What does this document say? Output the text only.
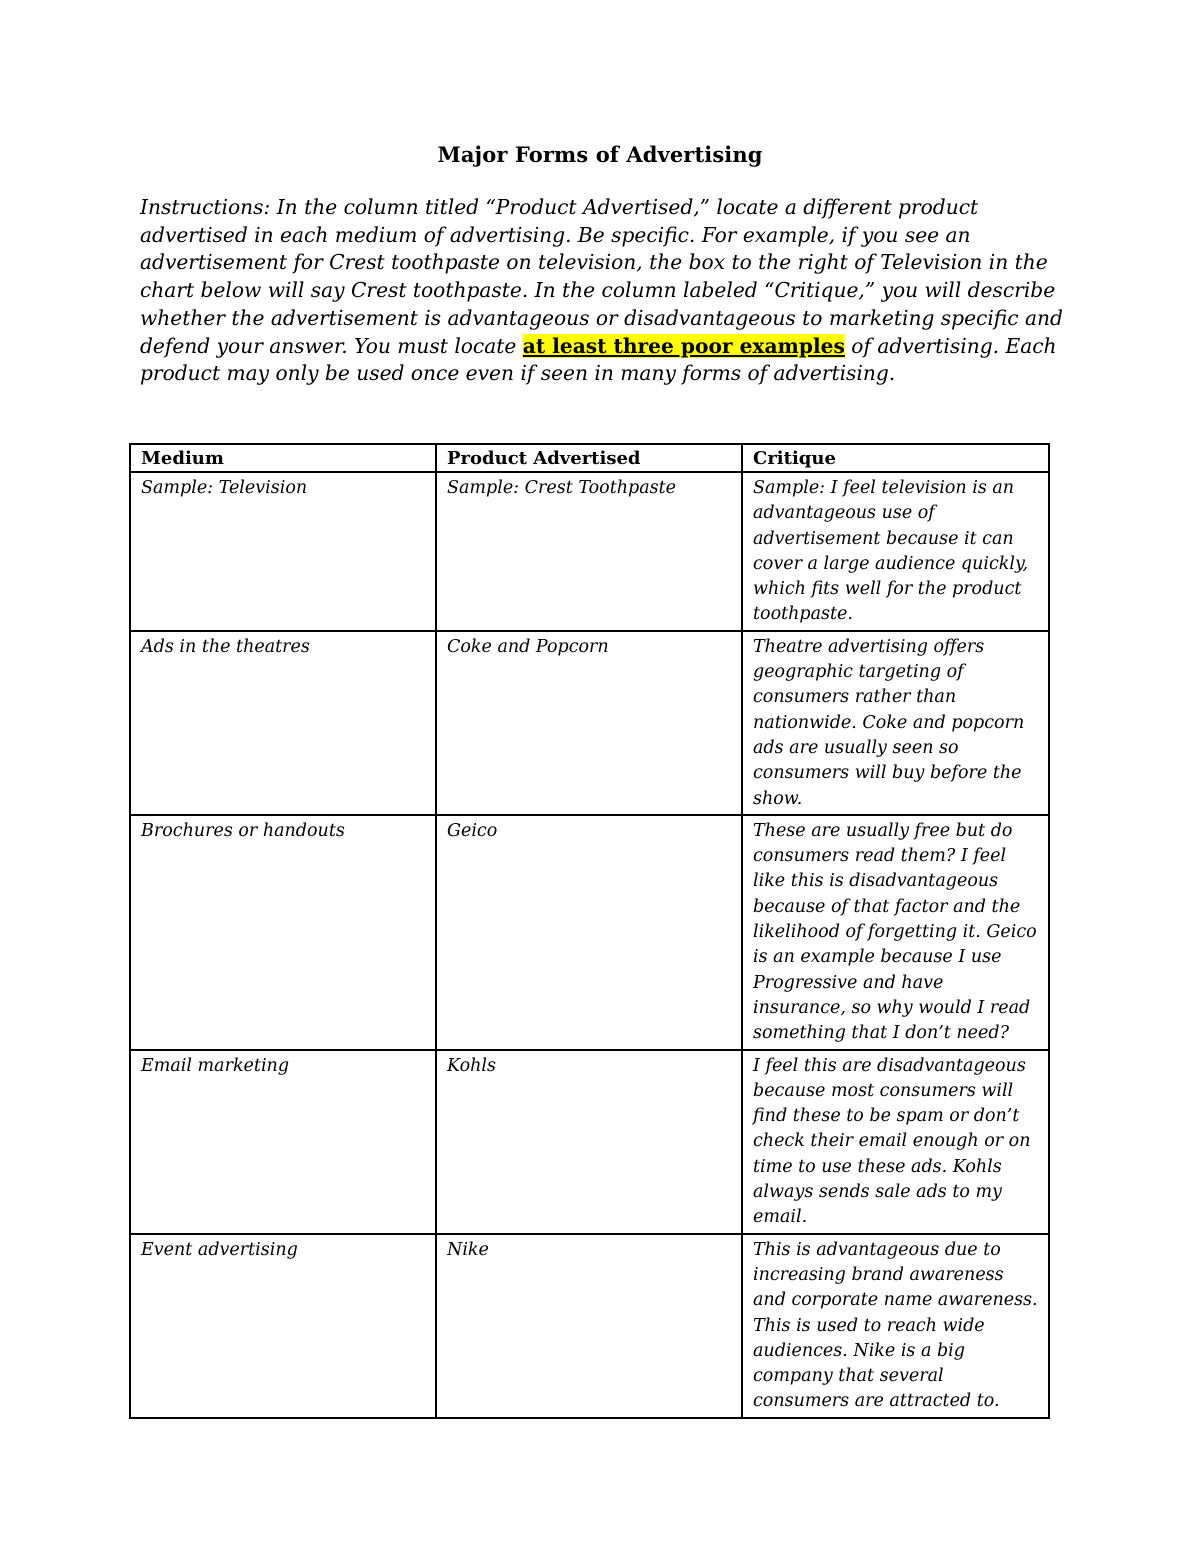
Major Forms of Advertising
Instructions: In the column titled “Product Advertised,” locate a different product advertised in each medium of advertising. Be specific. For example, if you see an advertisement for Crest toothpaste on television, the box to the right of Television in the chart below will say Crest toothpaste. In the column labeled “Critique,” you will describe whether the advertisement is advantageous or disadvantageous to marketing specific and defend your answer. You must locate at least three poor examples of advertising. Each product may only be used once even if seen in many forms of advertising.
Medium	Product Advertised	Critique
Sample: Television	Sample: Crest Toothpaste	Sample: I feel television is an advantageous use of advertisement because it can cover a large audience quickly, which fits well for the product toothpaste.
Ads in the theatres	Coke and Popcorn	Theatre advertising offers geographic targeting of consumers rather than nationwide. Coke and popcorn ads are usually seen so consumers will buy before the show.
Brochures or handouts	Geico	These are usually free but do consumers read them? I feel like this is disadvantageous because of that factor and the likelihood of forgetting it. Geico is an example because I use Progressive and have insurance, so why would I read something that I don’t need?
Email marketing	Kohls	I feel this are disadvantageous because most consumers will find these to be spam or don’t check their email enough or on time to use these ads. Kohls always sends sale ads to my email.
Event advertising	Nike	This is advantageous due to increasing brand awareness and corporate name awareness. This is used to reach wide audiences. Nike is a big company that several consumers are attracted to.
